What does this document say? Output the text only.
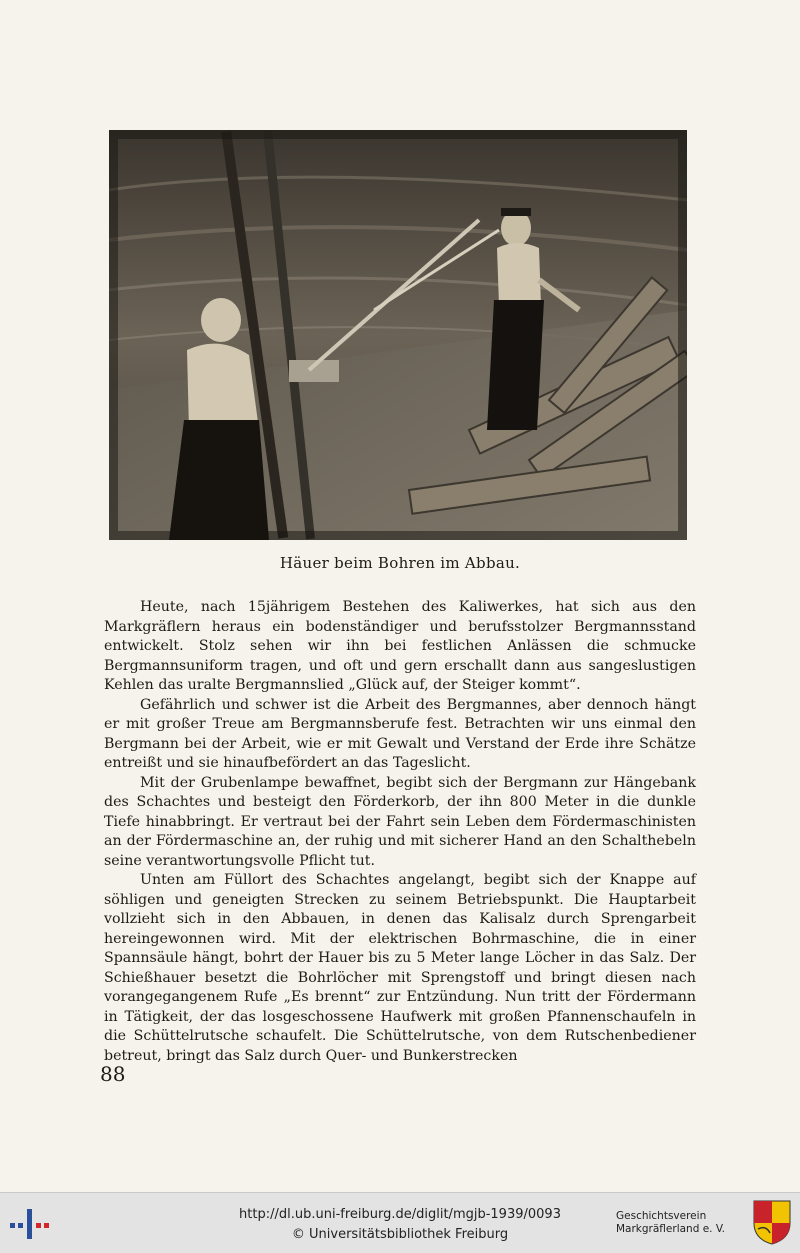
Häuer beim Bohren im Abbau.

Heute, nach 15jährigem Bestehen des Kaliwerkes, hat sich aus den Markgräflern heraus ein bodenständiger und berufsstolzer Bergmannsstand entwickelt. Stolz sehen wir ihn bei festlichen Anlässen die schmucke Bergmannsuniform tragen, und oft und gern erschallt dann aus sangeslustigen Kehlen das uralte Bergmannslied „Glück auf, der Steiger kommt“.

Gefährlich und schwer ist die Arbeit des Bergmannes, aber dennoch hängt er mit großer Treue am Bergmannsberufe fest. Betrachten wir uns einmal den Bergmann bei der Arbeit, wie er mit Gewalt und Verstand der Erde ihre Schätze entreißt und sie hinaufbefördert an das Tageslicht.

Mit der Grubenlampe bewaffnet, begibt sich der Bergmann zur Hängebank des Schachtes und besteigt den Förderkorb, der ihn 800 Meter in die dunkle Tiefe hinabbringt. Er vertraut bei der Fahrt sein Leben dem Fördermaschinisten an der Fördermaschine an, der ruhig und mit sicherer Hand an den Schalthebeln seine verantwortungsvolle Pflicht tut.

Unten am Füllort des Schachtes angelangt, begibt sich der Knappe auf söhligen und geneigten Strecken zu seinem Betriebspunkt. Die Hauptarbeit vollzieht sich in den Abbauen, in denen das Kalisalz durch Sprengarbeit hereingewonnen wird. Mit der elektrischen Bohrmaschine, die in einer Spannsäule hängt, bohrt der Hauer bis zu 5 Meter lange Löcher in das Salz. Der Schießhauer besetzt die Bohrlöcher mit Sprengstoff und bringt diesen nach vorangegangenem Rufe „Es brennt“ zur Entzündung. Nun tritt der Fördermann in Tätigkeit, der das losgeschossene Haufwerk mit großen Pfannenschaufeln in die Schüttelrutsche schaufelt. Die Schüttelrutsche, von dem Rutschenbediener betreut, bringt das Salz durch Quer- und Bunkerstrecken

88
http://dl.ub.uni-freiburg.de/diglit/mgjb-1939/0093
© Universitätsbibliothek Freiburg
Geschichtsverein
Markgräflerland e. V.
